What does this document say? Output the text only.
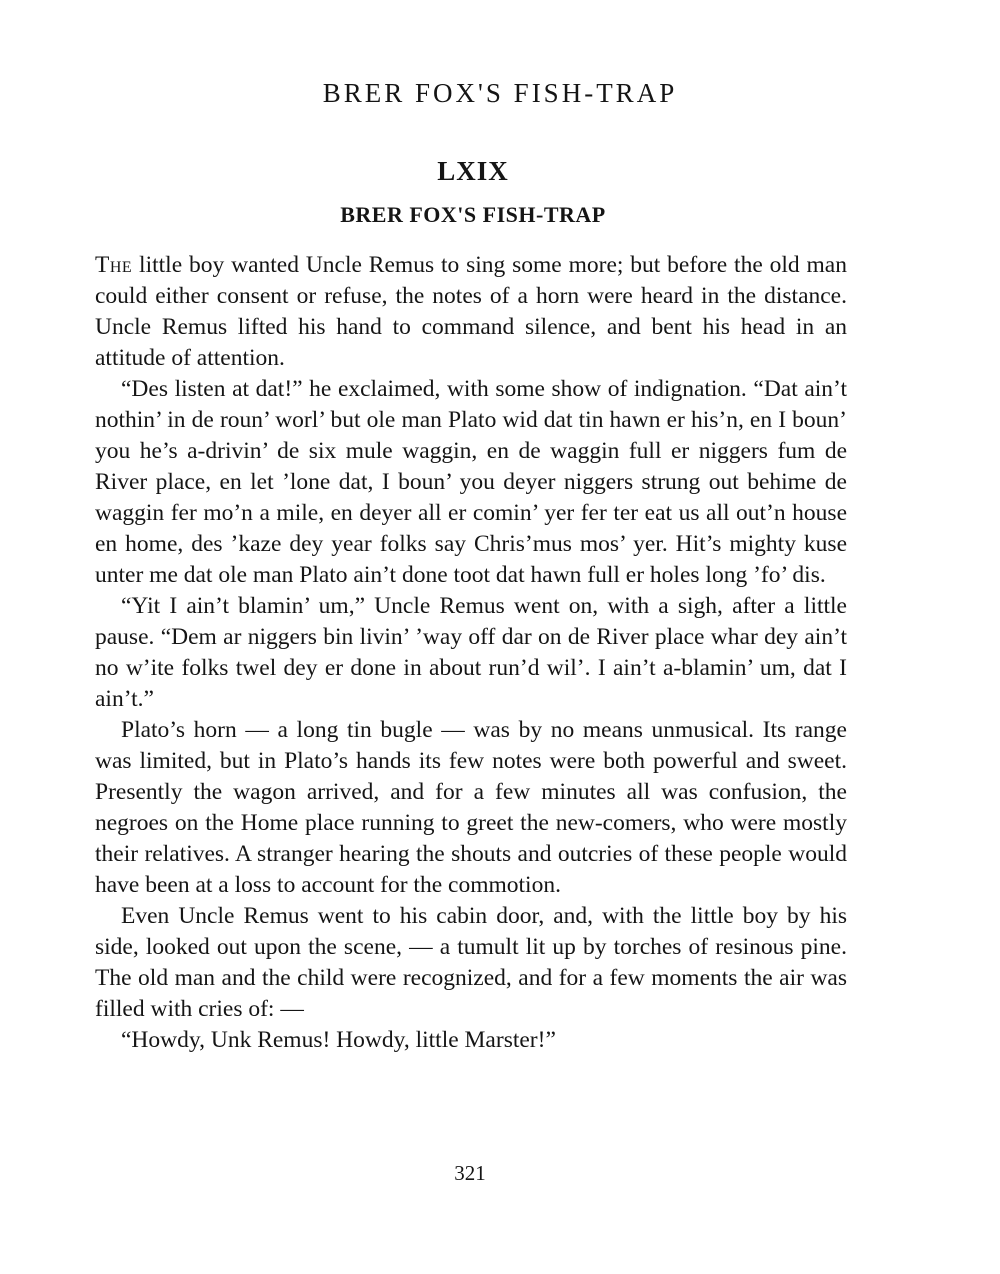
BRER FOX'S FISH-TRAP
LXIX
BRER FOX'S FISH-TRAP

The little boy wanted Uncle Remus to sing some more; but before the old man could either consent or refuse, the notes of a horn were heard in the distance. Uncle Remus lifted his hand to command silence, and bent his head in an attitude of attention.

“Des listen at dat!” he exclaimed, with some show of indignation. “Dat ain’t nothin’ in de roun’ worl’ but ole man Plato wid dat tin hawn er his’n, en I boun’ you he’s a-drivin’ de six mule waggin, en de waggin full er niggers fum de River place, en let ’lone dat, I boun’ you deyer niggers strung out behime de waggin fer mo’n a mile, en deyer all er comin’ yer fer ter eat us all out’n house en home, des ’kaze dey year folks say Chris’mus mos’ yer. Hit’s mighty kuse unter me dat ole man Plato ain’t done toot dat hawn full er holes long ’fo’ dis.

“Yit I ain’t blamin’ um,” Uncle Remus went on, with a sigh, after a little pause. “Dem ar niggers bin livin’ ’way off dar on de River place whar dey ain’t no w’ite folks twel dey er done in about run’d wil’. I ain’t a-blamin’ um, dat I ain’t.”

Plato’s horn — a long tin bugle — was by no means unmusical. Its range was limited, but in Plato’s hands its few notes were both powerful and sweet. Presently the wagon arrived, and for a few minutes all was confusion, the negroes on the Home place running to greet the new-comers, who were mostly their relatives. A stranger hearing the shouts and outcries of these people would have been at a loss to account for the commotion.

Even Uncle Remus went to his cabin door, and, with the little boy by his side, looked out upon the scene, — a tumult lit up by torches of resinous pine. The old man and the child were recognized, and for a few moments the air was filled with cries of: —

“Howdy, Unk Remus! Howdy, little Marster!”

321
